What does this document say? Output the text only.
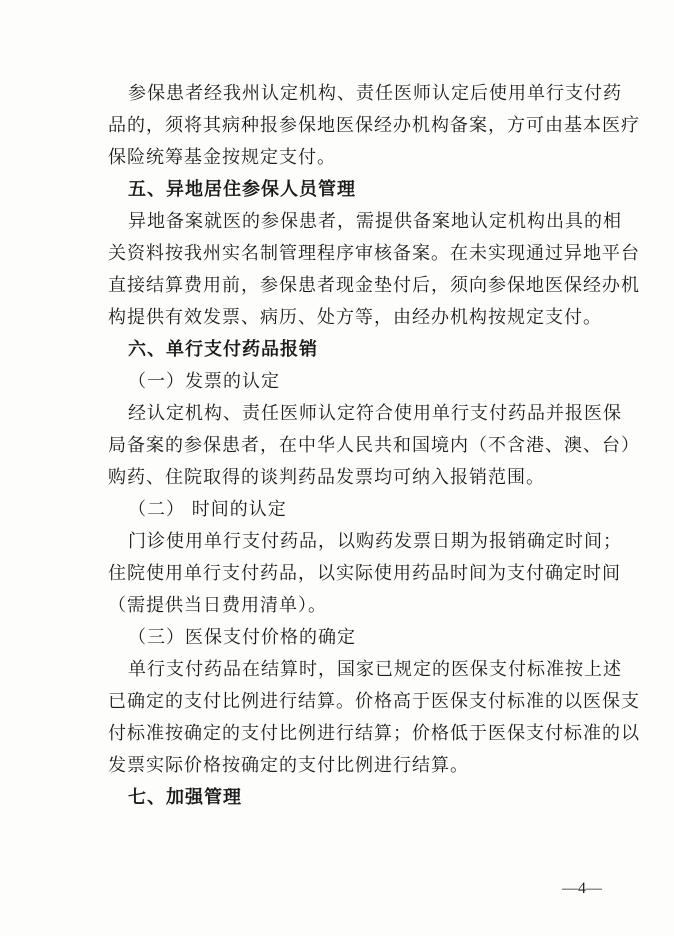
参保患者经我州认定机构、责任医师认定后使用单行支付药
品的，须将其病种报参保地医保经办机构备案，方可由基本医疗
保险统筹基金按规定支付。

五、异地居住参保人员管理

异地备案就医的参保患者，需提供备案地认定机构出具的相
关资料按我州实名制管理程序审核备案。在未实现通过异地平台
直接结算费用前，参保患者现金垫付后，须向参保地医保经办机
构提供有效发票、病历、处方等，由经办机构按规定支付。

六、单行支付药品报销

（一）发票的认定

经认定机构、责任医师认定符合使用单行支付药品并报医保
局备案的参保患者，在中华人民共和国境内（不含港、澳、台）
购药、住院取得的谈判药品发票均可纳入报销范围。

（二） 时间的认定

门诊使用单行支付药品，以购药发票日期为报销确定时间；
住院使用单行支付药品，以实际使用药品时间为支付确定时间
（需提供当日费用清单）。

（三）医保支付价格的确定

单行支付药品在结算时，国家已规定的医保支付标准按上述
已确定的支付比例进行结算。价格高于医保支付标准的以医保支
付标准按确定的支付比例进行结算；价格低于医保支付标准的以
发票实际价格按确定的支付比例进行结算。

七、加强管理

—4—
